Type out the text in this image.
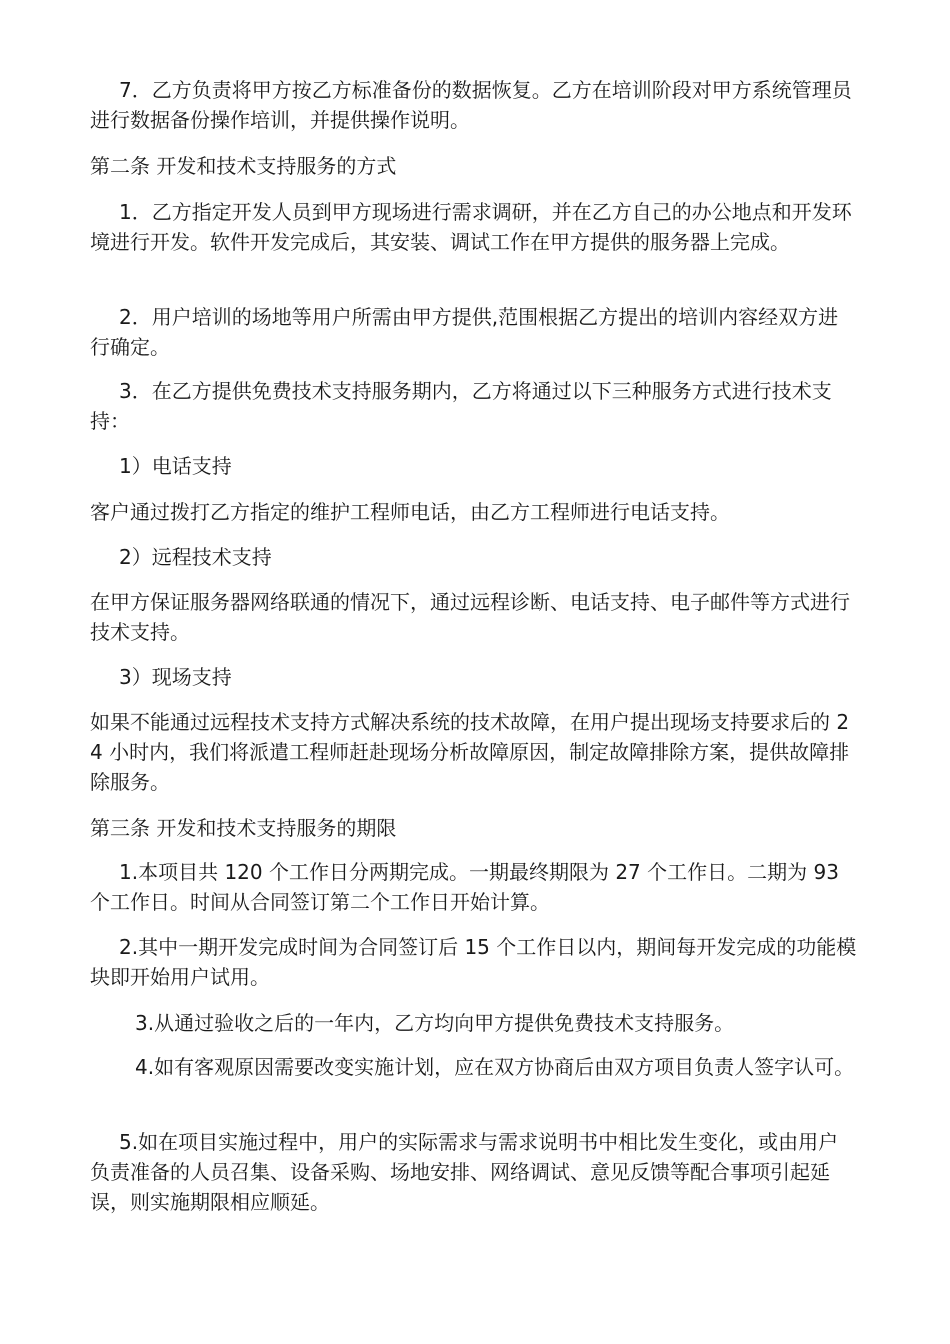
7．乙方负责将甲方按乙方标准备份的数据恢复。乙方在培训阶段对甲方系统管理员进行数据备份操作培训，并提供操作说明。

第二条 开发和技术支持服务的方式

1．乙方指定开发人员到甲方现场进行需求调研，并在乙方自己的办公地点和开发环境进行开发。软件开发完成后，其安装、调试工作在甲方提供的服务器上完成。

2．用户培训的场地等用户所需由甲方提供,范围根据乙方提出的培训内容经双方进行确定。

3．在乙方提供免费技术支持服务期内，乙方将通过以下三种服务方式进行技术支持：

1）电话支持

客户通过拨打乙方指定的维护工程师电话，由乙方工程师进行电话支持。

2）远程技术支持

在甲方保证服务器网络联通的情况下，通过远程诊断、电话支持、电子邮件等方式进行技术支持。

3）现场支持

如果不能通过远程技术支持方式解决系统的技术故障，在用户提出现场支持要求后的 24 小时内，我们将派遣工程师赶赴现场分析故障原因，制定故障排除方案，提供故障排除服务。

第三条 开发和技术支持服务的期限

1.本项目共 120 个工作日分两期完成。一期最终期限为 27 个工作日。二期为 93 个工作日。时间从合同签订第二个工作日开始计算。

2.其中一期开发完成时间为合同签订后 15 个工作日以内，期间每开发完成的功能模块即开始用户试用。

3.从通过验收之后的一年内，乙方均向甲方提供免费技术支持服务。

4.如有客观原因需要改变实施计划，应在双方协商后由双方项目负责人签字认可。

5.如在项目实施过程中，用户的实际需求与需求说明书中相比发生变化，或由用户负责准备的人员召集、设备采购、场地安排、网络调试、意见反馈等配合事项引起延误，则实施期限相应顺延。
